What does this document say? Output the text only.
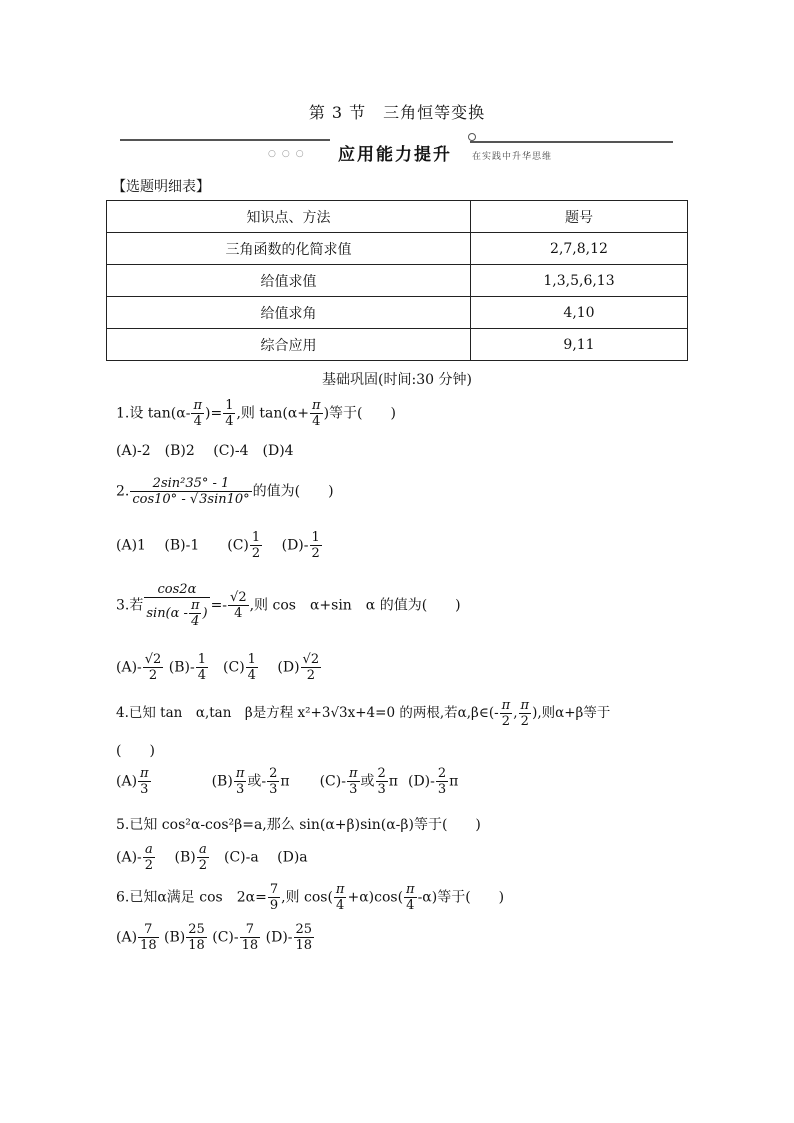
第 3 节　三角恒等变换
○○○ 应用能力提升 在实践中升华思维
【选题明细表】
知识点、方法	题号
三角函数的化简求值	2,7,8,12
给值求值	1,3,5,6,13
给值求角	4,10
综合应用	9,11
基础巩固(时间:30 分钟)
1.设 $\tan(\alpha- \frac{\pi}{4}$ )= $\frac{1}{4}$ ,则 $\tan(\alpha+ \frac{\pi}{4}$ )等于(　　)
(A)-2　(B)2　 (C)-4　(D)4
2. $\frac{\text{2sin²35° - 1}}{\cos 10^\circ - √3\sin 10^\circ}$ 的值为(　　)
(A)1　 (B)-1　　$(C) \frac{1}{2}$ 　 $(D)- \frac{1}{2}$
3.若 $\frac{\cos 2\alpha}{\sin(\alpha - \frac{\pi}{4} )} =- \frac{√2}{4}$ ,则 cos　α+sin　α 的值为(　　)
$(A)- \frac{√2}{2} (B)- \frac{1}{4}$ 　$(C) \frac{1}{4}$ 　 $(D) \frac{√2}{2}$
4.已知 tan　α,tan　β是方程 x²+3√3x+4=0 的两根,若α,β∈(- $\frac{\pi}{2}$ , $\frac{\pi}{2}$ ),则α+β等于
(　　)
$(A) \frac{\pi}{3}$	$(B) \frac{\pi}{3}$ 或- $\frac{2}{3}$ π $(C)- \frac{\pi}{3}$ 或 $\frac{2}{3}$ π $(D)- \frac{2}{3}$ π
5.已知 cos²α-cos²β=a,那么 sin(α+β)sin(α-β)等于(　　)
$(A)- \frac{a}{2}$ 　 $(B) \frac{a}{2}$ 　(C)-a　 (D)a
6.已知α满足 cos　$2\alpha= \frac{7}{9}$ ,则 $\cos( \frac{\pi}{4} +\alpha)\cos( \frac{\pi}{4} -\alpha)$等于(　　)
$(A) \frac{7}{18} (B) \frac{25}{18} (C)- \frac{7}{18} (D)- \frac{25}{18}$
